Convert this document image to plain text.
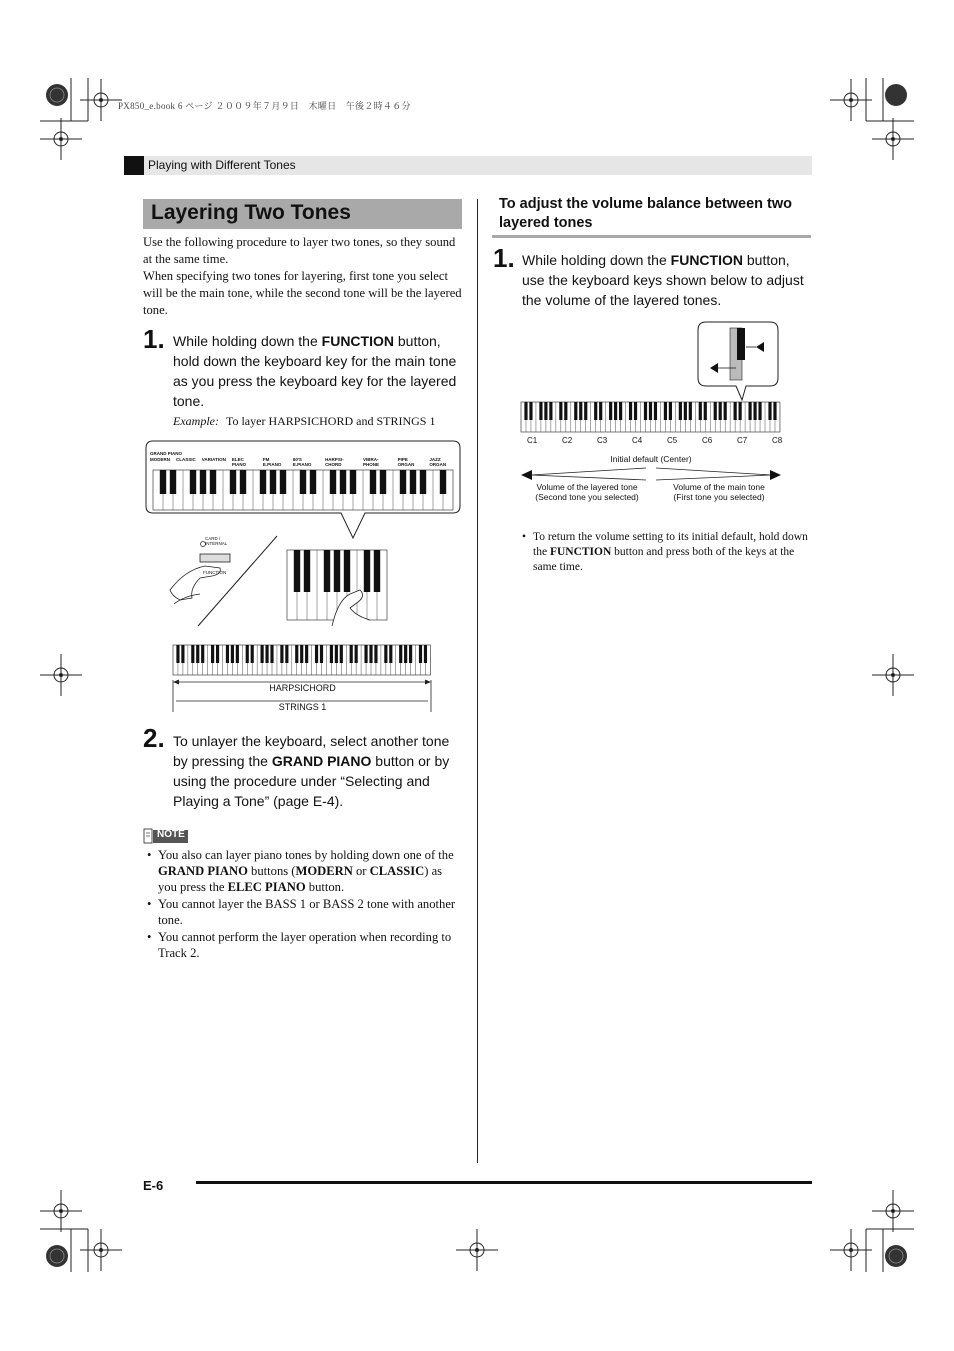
PX850_e.book 6 ページ ２００９年７月９日　木曜日　午後２時４６分
Playing with Different Tones
Layering Two Tones
Use the following procedure to layer two tones, so they sound at the same time.
When specifying two tones for layering, first tone you select will be the main tone, while the second tone will be the layered tone.
1. While holding down the FUNCTION button, hold down the keyboard key for the main tone as you press the keyboard key for the layered tone.
Example: To layer HARPSICHORD and STRINGS 1
GRAND PIANO
MODERN CLASSIC VARIATION ELEC PIANO
FM E.PIANO
60'S E.PIANO
HARPSI-CHORD
VIBRA-PHONE
PIPE ORGAN
JAZZ ORGAN
CARD / INTERNAL
FUNCTION
HARPSICHORD
STRINGS 1
2. To unlayer the keyboard, select another tone by pressing the GRAND PIANO button or by using the procedure under “Selecting and Playing a Tone” (page E-4).
NOTE
• You also can layer piano tones by holding down one of the GRAND PIANO buttons (MODERN or CLASSIC) as you press the ELEC PIANO button.
• You cannot layer the BASS 1 or BASS 2 tone with another tone.
• You cannot perform the layer operation when recording to Track 2.
To adjust the volume balance between two layered tones
1. While holding down the FUNCTION button, use the keyboard keys shown below to adjust the volume of the layered tones.
C1	C2	C3	C4	C5	C6	C7	C8
Initial default (Center)
Volume of the layered tone
(Second tone you selected)
Volume of the main tone
(First tone you selected)
• To return the volume setting to its initial default, hold down the FUNCTION button and press both of the keys at the same time.
E-6
